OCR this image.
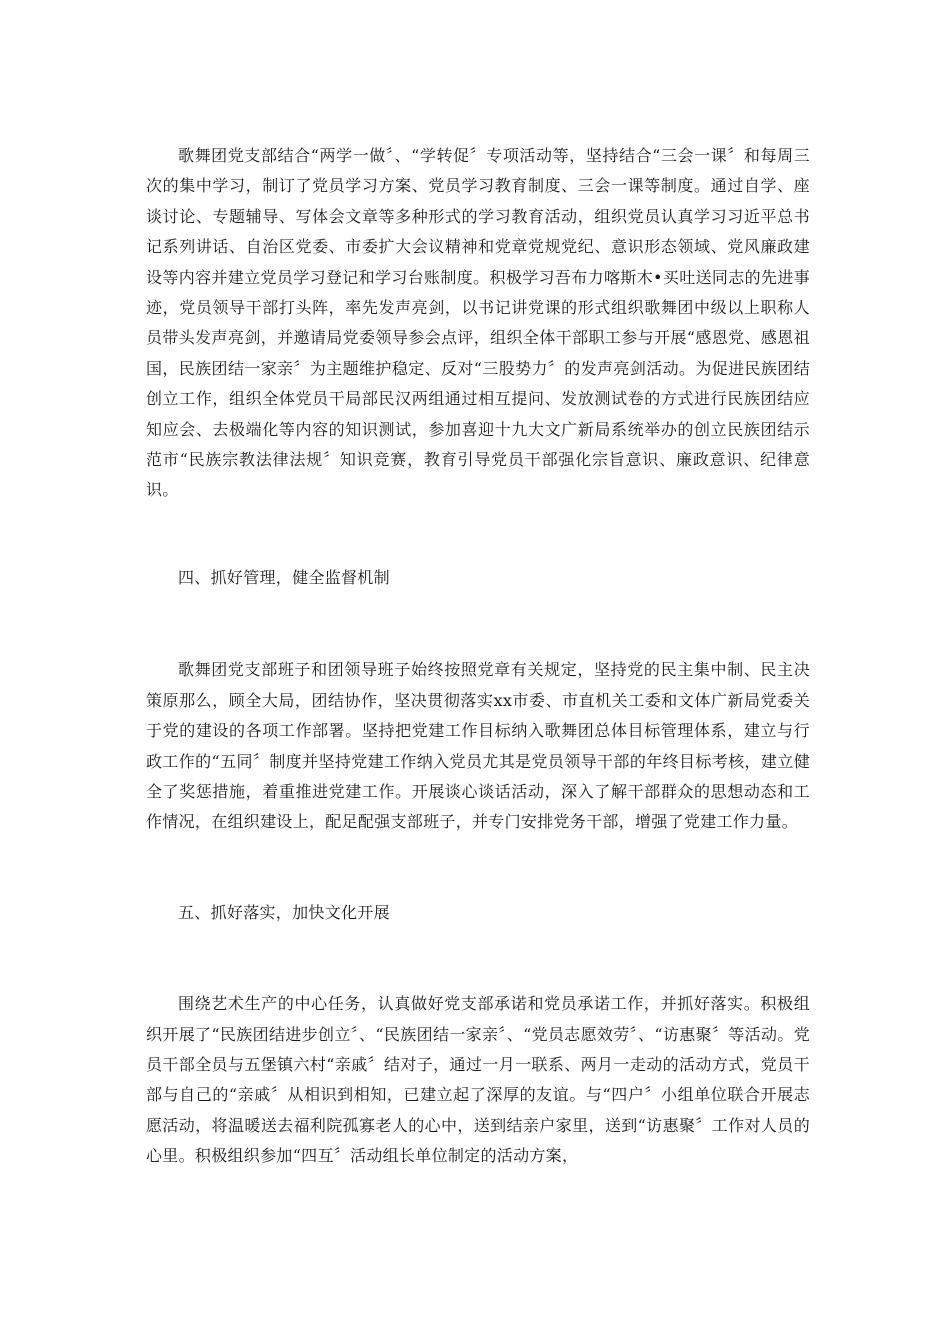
歌舞团党支部结合“两学一做〞、“学转促〞专项活动等，坚持结合“三会一课〞和每周三次的集中学习，制订了党员学习方案、党员学习教育制度、三会一课等制度。通过自学、座谈讨论、专题辅导、写体会文章等多种形式的学习教育活动，组织党员认真学习习近平总书记系列讲话、自治区党委、市委扩大会议精神和党章党规党纪、意识形态领域、党风廉政建设等内容并建立党员学习登记和学习台账制度。积极学习吾布力喀斯木•买吐送同志的先进事迹，党员领导干部打头阵，率先发声亮剑，以书记讲党课的形式组织歌舞团中级以上职称人员带头发声亮剑，并邀请局党委领导参会点评，组织全体干部职工参与开展“感恩党、感恩祖国，民族团结一家亲〞为主题维护稳定、反对“三股势力〞的发声亮剑活动。为促进民族团结创立工作，组织全体党员干局部民汉两组通过相互提问、发放测试卷的方式进行民族团结应知应会、去极端化等内容的知识测试，参加喜迎十九大文广新局系统举办的创立民族团结示范市“民族宗教法律法规〞知识竞赛，教育引导党员干部强化宗旨意识、廉政意识、纪律意识。

四、抓好管理，健全监督机制

歌舞团党支部班子和团领导班子始终按照党章有关规定，坚持党的民主集中制、民主决策原那么，顾全大局，团结协作，坚决贯彻落实xx市委、市直机关工委和文体广新局党委关于党的建设的各项工作部署。坚持把党建工作目标纳入歌舞团总体目标管理体系，建立与行政工作的“五同〞制度并坚持党建工作纳入党员尤其是党员领导干部的年终目标考核，建立健全了奖惩措施，着重推进党建工作。开展谈心谈话活动，深入了解干部群众的思想动态和工作情况，在组织建设上，配足配强支部班子，并专门安排党务干部，增强了党建工作力量。

五、抓好落实，加快文化开展

围绕艺术生产的中心任务，认真做好党支部承诺和党员承诺工作，并抓好落实。积极组织开展了“民族团结进步创立〞、“民族团结一家亲〞、“党员志愿效劳〞、“访惠聚〞等活动。党员干部全员与五堡镇六村“亲戚〞结对子，通过一月一联系、两月一走动的活动方式，党员干部与自己的“亲戚〞从相识到相知，已建立起了深厚的友谊。与“四户〞小组单位联合开展志愿活动，将温暖送去福利院孤寡老人的心中，送到结亲户家里，送到“访惠聚〞工作对人员的心里。积极组织参加“四互〞活动组长单位制定的活动方案，
